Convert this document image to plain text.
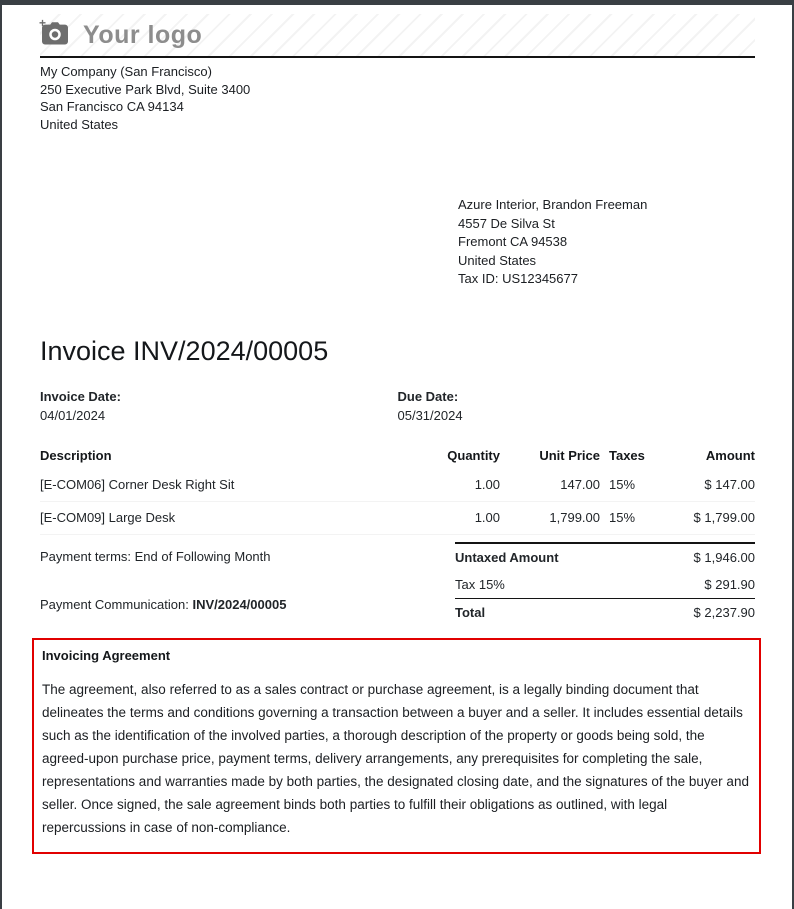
+ Your logo
My Company (San Francisco)
250 Executive Park Blvd, Suite 3400
San Francisco CA 94134
United States
Azure Interior, Brandon Freeman
4557 De Silva St
Fremont CA 94538
United States
Tax ID: US12345677
Invoice INV/2024/00005
Invoice Date:
04/01/2024
Due Date:
05/31/2024
Description	Quantity	Unit Price	Taxes	Amount
[E-COM06] Corner Desk Right Sit	1.00	147.00	15%	$ 147.00
[E-COM09] Large Desk	1.00	1,799.00	15%	$ 1,799.00
Payment terms: End of Following Month
Payment Communication: INV/2024/00005
Untaxed Amount	$ 1,946.00
Tax 15%	$ 291.90
Total	$ 2,237.90
Invoicing Agreement
The agreement, also referred to as a sales contract or purchase agreement, is a legally binding document that delineates the terms and conditions governing a transaction between a buyer and a seller. It includes essential details such as the identification of the involved parties, a thorough description of the property or goods being sold, the agreed-upon purchase price, payment terms, delivery arrangements, any prerequisites for completing the sale, representations and warranties made by both parties, the designated closing date, and the signatures of the buyer and seller. Once signed, the sale agreement binds both parties to fulfill their obligations as outlined, with legal repercussions in case of non-compliance.
